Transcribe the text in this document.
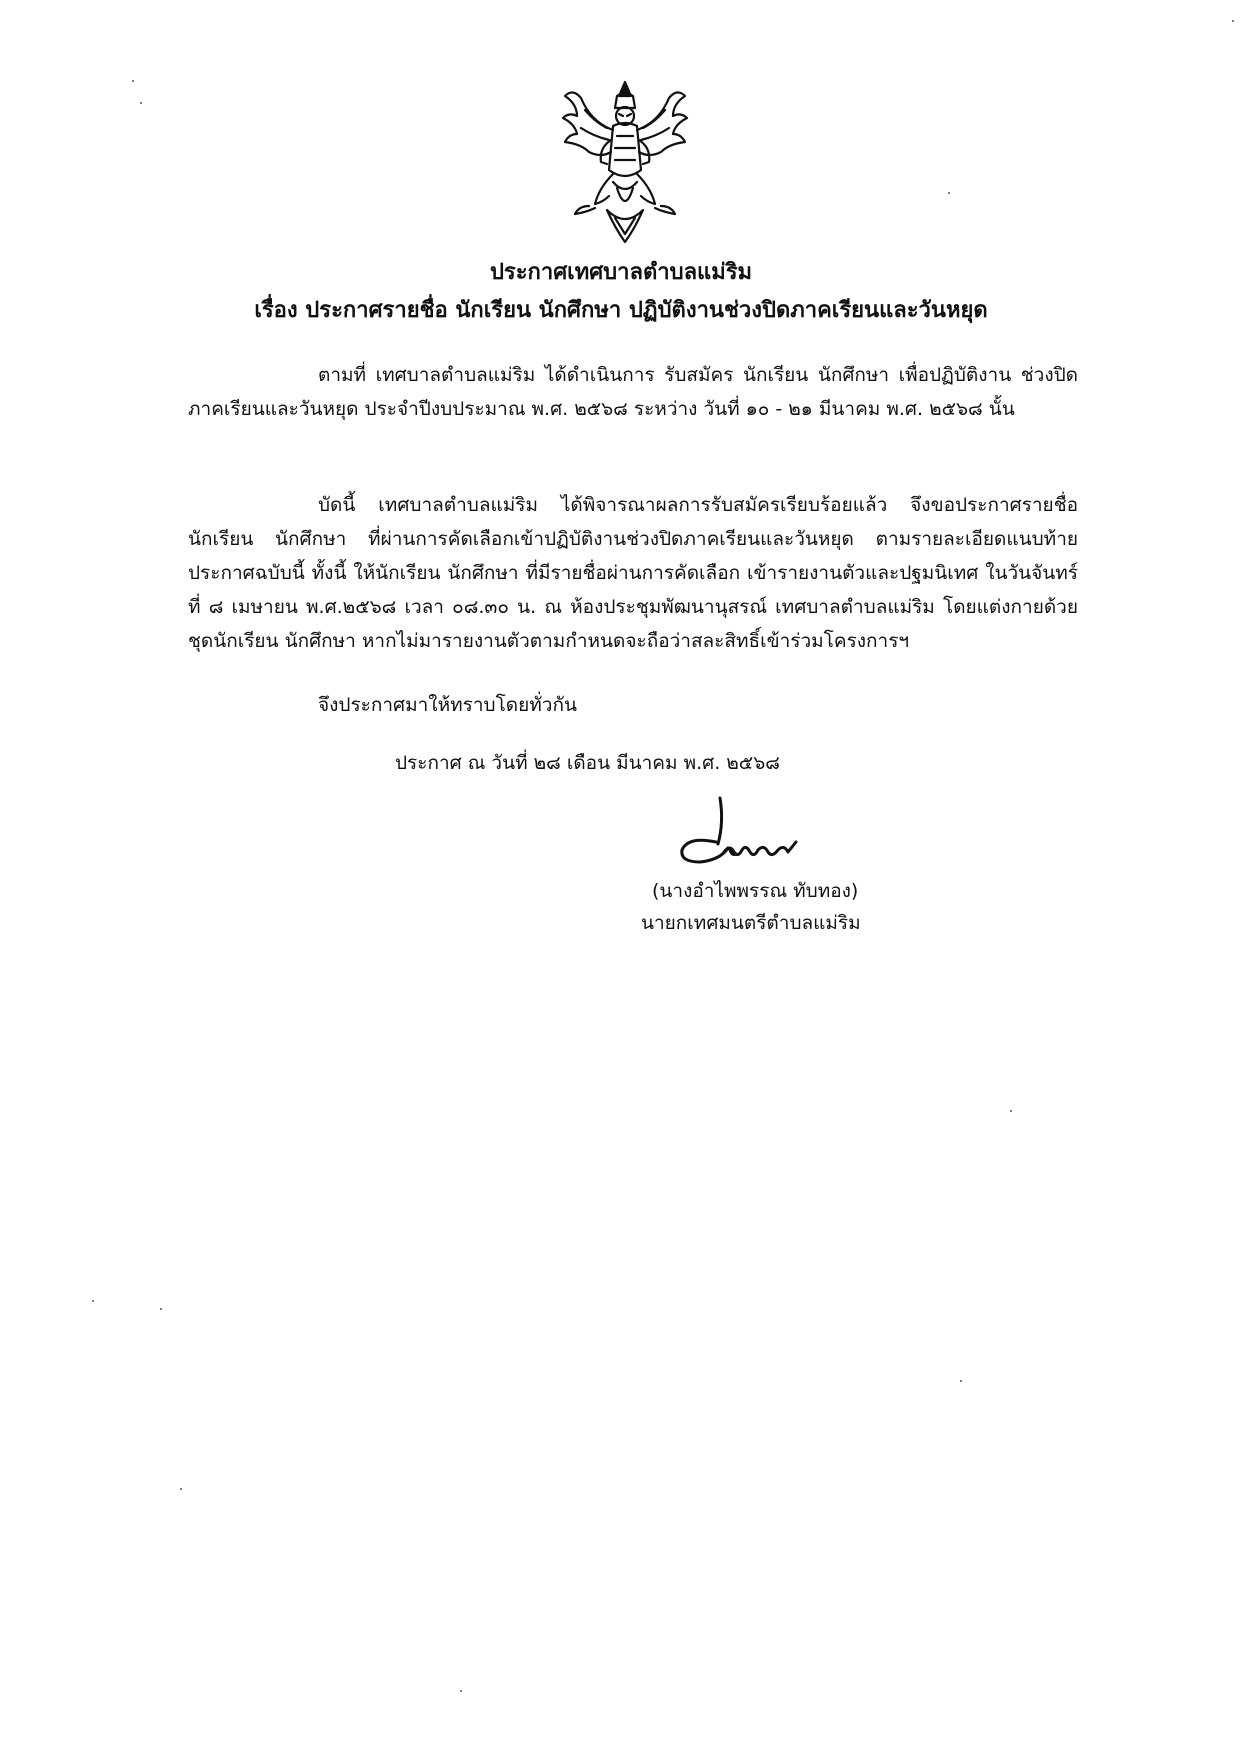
ประกาศเทศบาลตำบลแม่ริม
เรื่อง ประกาศรายชื่อ นักเรียน นักศึกษา ปฏิบัติงานช่วงปิดภาคเรียนและวันหยุด

ตามที่ เทศบาลตำบลแม่ริม ได้ดำเนินการ รับสมัคร นักเรียน นักศึกษา เพื่อปฏิบัติงาน ช่วงปิดภาคเรียนและวันหยุด ประจำปีงบประมาณ พ.ศ. ๒๕๖๘ ระหว่าง วันที่ ๑๐ - ๒๑ มีนาคม พ.ศ. ๒๕๖๘ นั้น

บัดนี้ เทศบาลตำบลแม่ริม ได้พิจารณาผลการรับสมัครเรียบร้อยแล้ว จึงขอประกาศรายชื่อ นักเรียน นักศึกษา ที่ผ่านการคัดเลือกเข้าปฏิบัติงานช่วงปิดภาคเรียนและวันหยุด ตามรายละเอียดแนบท้าย ประกาศฉบับนี้ ทั้งนี้ ให้นักเรียน นักศึกษา ที่มีรายชื่อผ่านการคัดเลือก เข้ารายงานตัวและปฐมนิเทศ ในวันจันทร์ที่ ๘ เมษายน พ.ศ.๒๕๖๘ เวลา ๐๘.๓๐ น. ณ ห้องประชุมพัฒนานุสรณ์ เทศบาลตำบลแม่ริม โดยแต่งกายด้วยชุดนักเรียน นักศึกษา หากไม่มารายงานตัวตามกำหนดจะถือว่าสละสิทธิ์เข้าร่วมโครงการฯ

จึงประกาศมาให้ทราบโดยทั่วกัน
ประกาศ ณ วันที่ ๒๘ เดือน มีนาคม พ.ศ. ๒๕๖๘
(นางอำไพพรรณ ทับทอง)
นายกเทศมนตรีตำบลแม่ริม
